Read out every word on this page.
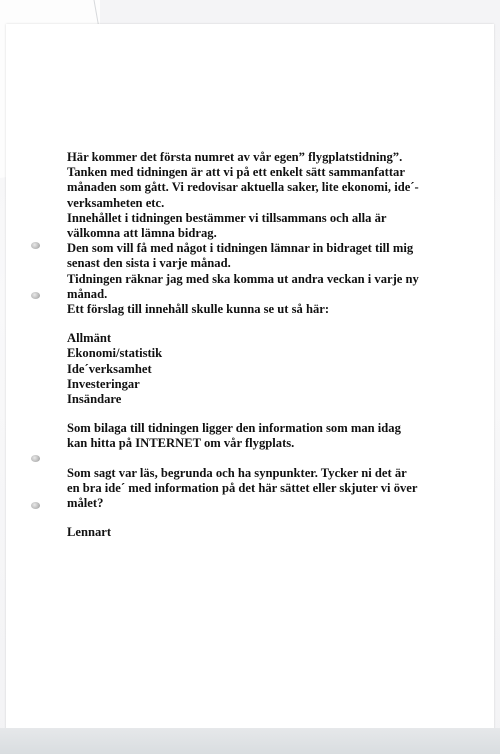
Här kommer det första numret av vår egen” flygplatstidning”.

Tanken med tidningen är att vi på ett enkelt sätt sammanfattar

månaden som gått. Vi redovisar aktuella saker, lite ekonomi, ide´-

verksamheten etc.

Innehållet i tidningen bestämmer vi tillsammans och alla är

välkomna att lämna bidrag.

Den som vill få med något i tidningen lämnar in bidraget till mig

senast den sista i varje månad.

Tidningen räknar jag med ska komma ut andra veckan i varje ny

månad.

Ett förslag till innehåll skulle kunna se ut så här:

Allmänt

Ekonomi/statistik

Ide´verksamhet

Investeringar

Insändare

Som bilaga till tidningen ligger den information som man idag

kan hitta på INTERNET om vår flygplats.

Som sagt var läs, begrunda och ha synpunkter. Tycker ni det är

en bra ide´ med information på det här sättet eller skjuter vi över

målet?

Lennart
